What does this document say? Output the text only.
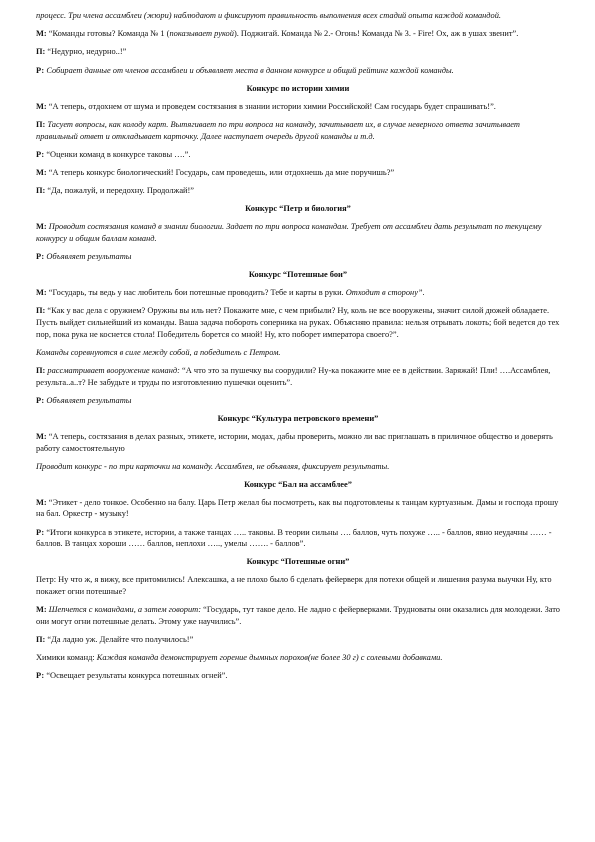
процесс. Три члена ассамблеи (жюри) наблюдают и фиксируют правильность выполнения всех стадий опыта каждой командой.

М: “Команды готовы? Команда № 1 (показывает рукой). Поджигай. Команда № 2.- Огонь! Команда № 3. - Fire! Ох, аж в ушах звенит”.

П: “Недурно, недурно..!”

Р: Собирает данные от членов ассамблеи и объявляет места в данном конкурсе и общий рейтинг каждой команды.

Конкурс по истории химии

М: “А теперь, отдохнем от шума и проведем состязания в знании истории химии Российской! Сам государь будет спрашивать!”.

П: Тасует вопросы, как колоду карт. Вытягивает по три вопроса на команду, зачитывает их, в случае неверного ответа зачитывает правильный ответ и откладывает карточку. Далее наступает очередь другой команды и т.д.

Р: “Оценки команд в конкурсе таковы ….”.

М: “А теперь конкурс биологический! Государь, сам проведешь, или отдохнешь да мне поручишь?”

П: “Да, пожалуй, и передохну. Продолжай!”

Конкурс “Петр и биология”

М: Проводит состязания команд в знании биологии. Задает по три вопроса командам. Требует от ассамблеи дать результат по текущему конкурсу и общим баллам команд.

Р: Объявляет результаты

Конкурс “Потешные бои”

М: “Государь, ты ведь у нас любитель бои потешные проводить? Тебе и карты в руки. Отходит в сторону”.

П: “Как у вас дела с оружием? Оружны вы иль нет? Покажите мне, с чем прибыли? Ну, коль не все вооружены, значит силой дюжей обладаете. Пусть выйдет сильнейший из команды. Ваша задача побороть соперника на руках. Объясняю правила: нельзя отрывать локоть; бой ведется до тех пор, пока рука не коснется стола! Победитель борется со мной! Ну, кто поборет императора своего?”.

Команды соревнуются в силе между собой, а победитель с Петром.

П: рассматривает вооружение команд: “А что это за пушечку вы соорудили? Ну-ка покажите мне ее в действии. Заряжай! Пли! ….Ассамблея, результа..а..т? Не забудьте и труды по изготовлению пушечки оценить”.

Р: Объявляет результаты

Конкурс “Культура петровского времени”

М: “А теперь, состязания в делах разных, этикете, истории, модах, дабы проверить, можно ли вас приглашать в приличное общество и доверять работу самостоятельную

Проводит конкурс - по три карточки на команду. Ассамблея, не объявляя, фиксирует результаты.

Конкурс “Бал на ассамблее”

М: “Этикет - дело тонкое. Особенно на балу. Царь Петр желал бы посмотреть, как вы подготовлены к танцам куртуазным. Дамы и господа прошу на бал. Оркестр - музыку!

Р: “Итоги конкурса в этикете, истории, а также танцах ….. таковы. В теории сильны …. баллов, чуть похуже ….. - баллов, явно неудачны …… - баллов. В танцах хороши …… баллов, неплохи ….., умелы ……. - баллов”.

Конкурс “Потешные огни”

Петр: Ну что ж, я вижу, все притомились! Алексашка, а не плохо было б сделать фейерверк для потехи общей и лишения разума выучки Ну, кто покажет огни потешные?

М: Шепчется с командами, а затем говорит: “Государь, тут такое дело. Не ладно с фейерверками. Трудноваты они оказались для молодежи. Зато они могут огни потешные делать. Этому уже научились”.

П: “Да ладно уж. Делайте что получилось!”

Химики команд: Каждая команда демонстрирует горение дымных порохов(не более 30 г) с солевыми добавками.

Р: “Освещает результаты конкурса потешных огней”.
